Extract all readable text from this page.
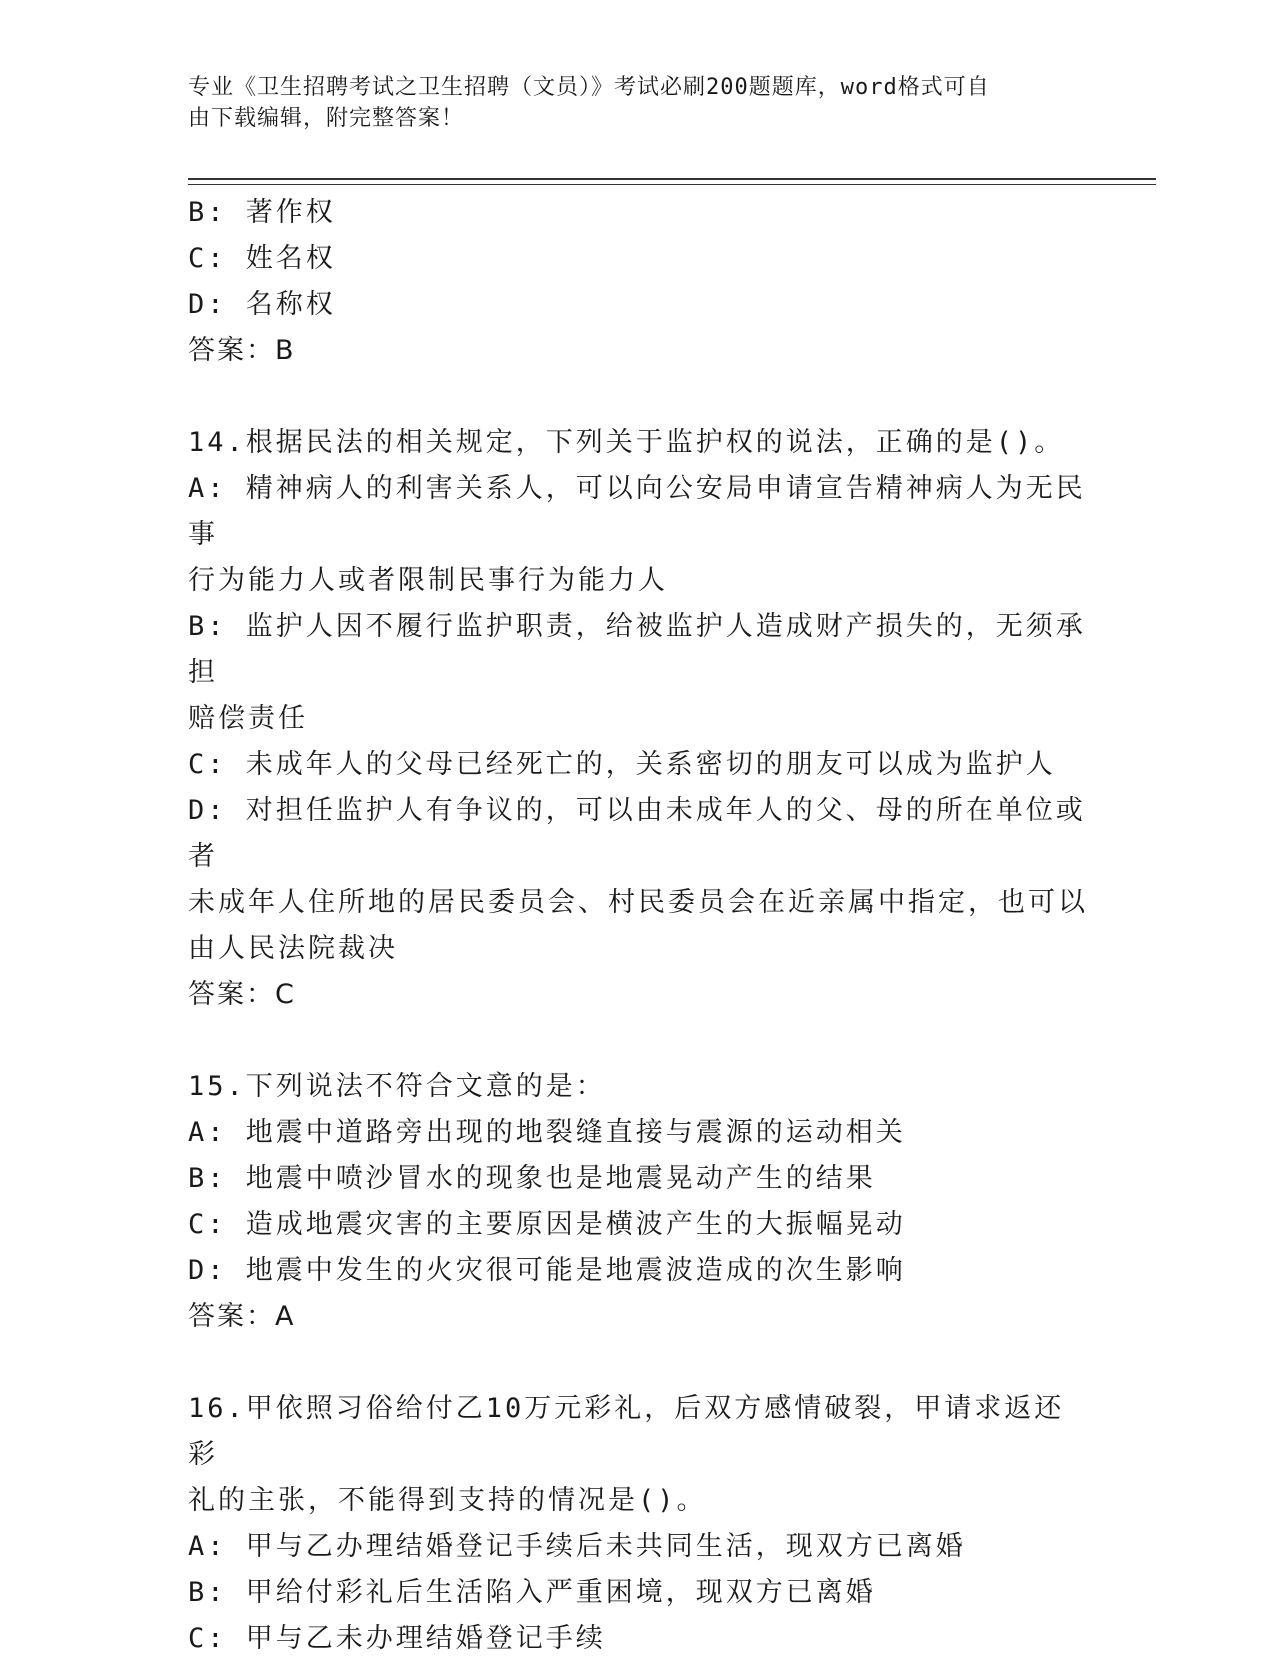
专业《卫生招聘考试之卫生招聘（文员）》考试必刷200题题库，word格式可自
由下载编辑，附完整答案！
B: 著作权
C: 姓名权
D: 名称权
答案：B
14.根据民法的相关规定，下列关于监护权的说法，正确的是()。
A: 精神病人的利害关系人，可以向公安局申请宣告精神病人为无民事
行为能力人或者限制民事行为能力人
B: 监护人因不履行监护职责，给被监护人造成财产损失的，无须承担
赔偿责任
C: 未成年人的父母已经死亡的，关系密切的朋友可以成为监护人
D: 对担任监护人有争议的，可以由未成年人的父、母的所在单位或者
未成年人住所地的居民委员会、村民委员会在近亲属中指定，也可以
由人民法院裁决
答案：C
15.下列说法不符合文意的是：
A: 地震中道路旁出现的地裂缝直接与震源的运动相关
B: 地震中喷沙冒水的现象也是地震晃动产生的结果
C: 造成地震灾害的主要原因是横波产生的大振幅晃动
D: 地震中发生的火灾很可能是地震波造成的次生影响
答案：A
16.甲依照习俗给付乙10万元彩礼，后双方感情破裂，甲请求返还彩
礼的主张，不能得到支持的情况是()。
A: 甲与乙办理结婚登记手续后未共同生活，现双方已离婚
B: 甲给付彩礼后生活陷入严重困境，现双方已离婚
C: 甲与乙未办理结婚登记手续
